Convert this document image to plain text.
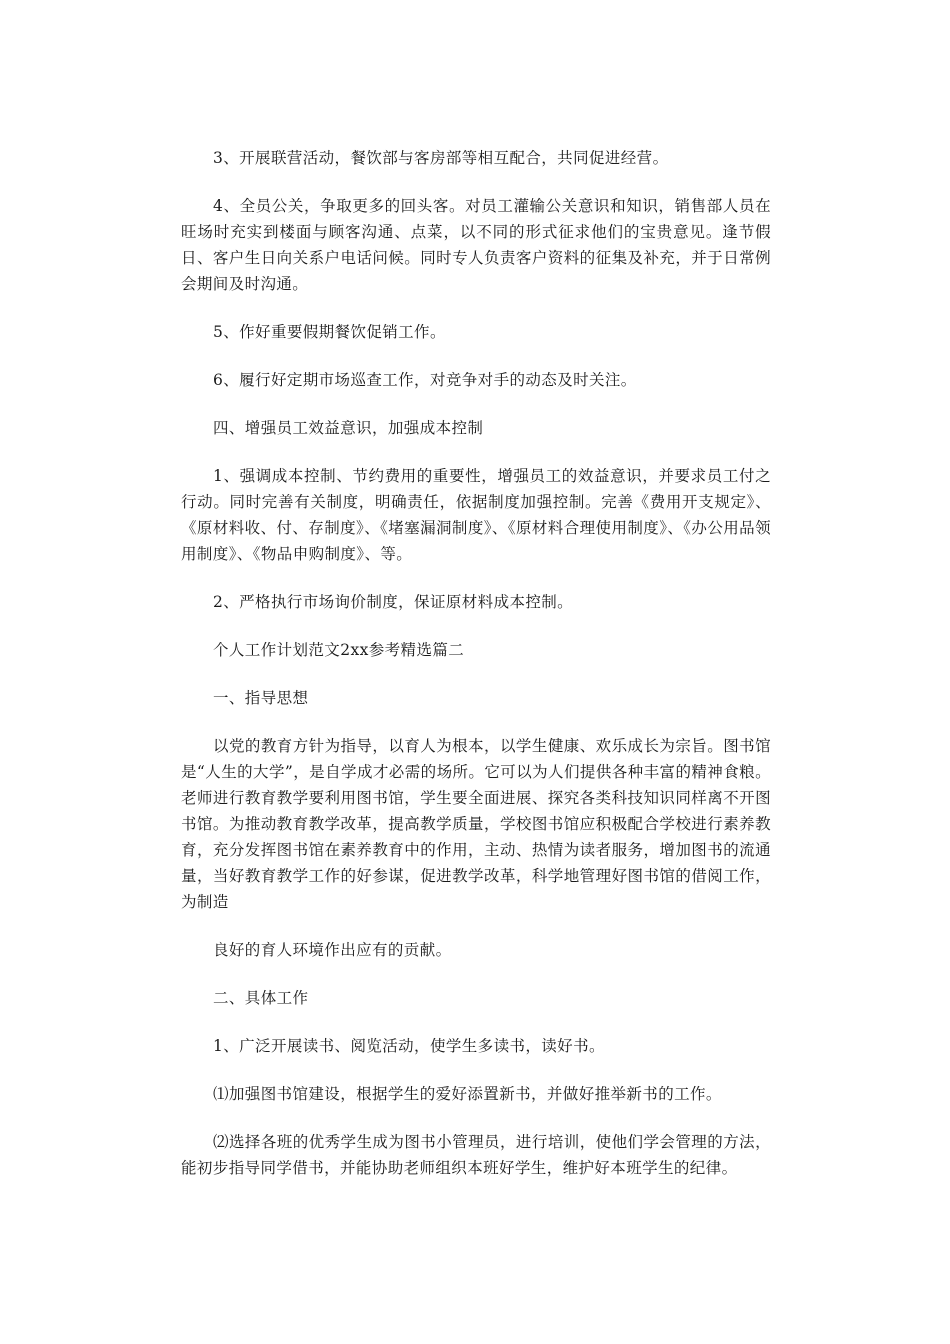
3、开展联营活动，餐饮部与客房部等相互配合，共同促进经营。

4、全员公关，争取更多的回头客。对员工灌输公关意识和知识，销售部人员在旺场时充实到楼面与顾客沟通、点菜，以不同的形式征求他们的宝贵意见。逢节假日、客户生日向关系户电话问候。同时专人负责客户资料的征集及补充，并于日常例会期间及时沟通。

5、作好重要假期餐饮促销工作。

6、履行好定期市场巡查工作，对竞争对手的动态及时关注。

四、增强员工效益意识，加强成本控制

1、强调成本控制、节约费用的重要性，增强员工的效益意识，并要求员工付之行动。同时完善有关制度，明确责任，依据制度加强控制。完善《费用开支规定》、《原材料收、付、存制度》、《堵塞漏洞制度》、《原材料合理使用制度》、《办公用品领用制度》、《物品申购制度》、等。

2、严格执行市场询价制度，保证原材料成本控制。

个人工作计划范文2xx参考精选篇二

一、指导思想

以党的教育方针为指导，以育人为根本，以学生健康、欢乐成长为宗旨。图书馆是“人生的大学”，是自学成才必需的场所。它可以为人们提供各种丰富的精神食粮。老师进行教育教学要利用图书馆，学生要全面进展、探究各类科技知识同样离不开图书馆。为推动教育教学改革，提高教学质量，学校图书馆应积极配合学校进行素养教育，充分发挥图书馆在素养教育中的作用，主动、热情为读者服务，增加图书的流通量，当好教育教学工作的好参谋，促进教学改革，科学地管理好图书馆的借阅工作，为制造

良好的育人环境作出应有的贡献。

二、具体工作

1、广泛开展读书、阅览活动，使学生多读书，读好书。

⑴加强图书馆建设，根据学生的爱好添置新书，并做好推举新书的工作。

⑵选择各班的优秀学生成为图书小管理员，进行培训，使他们学会管理的方法，能初步指导同学借书，并能协助老师组织本班好学生，维护好本班学生的纪律。
